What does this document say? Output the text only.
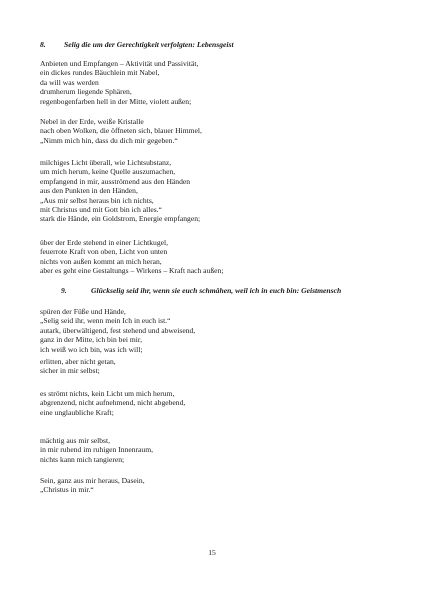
8. Selig die um der Gerechtigkeit verfolgten: Lebensgeist
Anbieten und Empfangen – Aktivität und Passivität,
ein dickes rundes Bäuchlein mit Nabel,
da will was werden
drumherum liegende Sphären,
regenbogenfarben hell in der Mitte, violett außen;
Nebel in der Erde, weiße Kristalle
nach oben Wolken, die öffneten sich, blauer Himmel,
„Nimm mich hin, dass du dich mir gegeben.“
milchiges Licht überall, wie Lichtsubstanz,
um mich herum, keine Quelle auszumachen,
empfangend in mir, ausströmend aus den Händen
aus den Punkten in den Händen,
„Aus mir selbst heraus bin ich nichts,
mit Christus und mit Gott bin ich alles.“
stark die Hände, ein Goldstrom, Energie empfangen;
über der Erde stehend in einer Lichtkugel,
feuerrote Kraft von oben, Licht von unten
nichts von außen kommt an mich heran,
aber es geht eine Gestaltungs – Wirkens – Kraft nach außen;
9.	Glückselig seid ihr, wenn sie euch schmähen, weil ich in euch bin: Geistmensch
spüren der Füße und Hände,
„Selig seid ihr, wenn mein Ich in euch ist.“
autark, überwältigend, fest stehend und abweisend,
ganz in der Mitte, ich bin bei mir,
ich weiß wo ich bin, was ich will;
erlitten, aber nicht getan,
sicher in mir selbst;
es strömt nichts, kein Licht um mich herum,
abgrenzend, nicht aufnehmend, nicht abgebend,
eine unglaubliche Kraft;
mächtig aus mir selbst,
in mir ruhend im ruhigen Innenraum,
nichts kann mich tangieren;
Sein, ganz aus mir heraus, Dasein,
„Christus in mir.“
15
